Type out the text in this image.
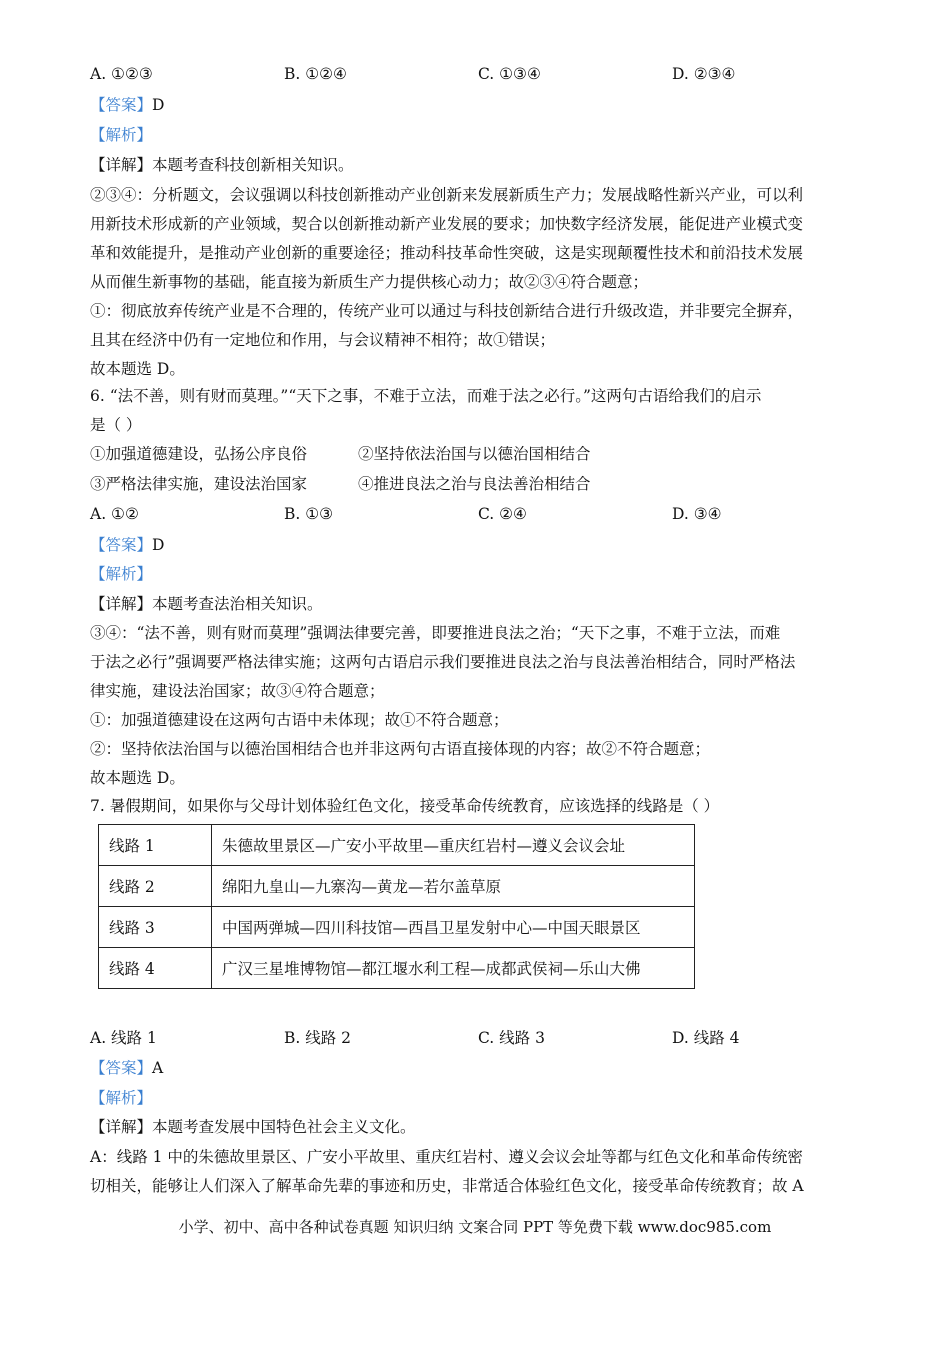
A. ①②③	B. ①②④	C. ①③④	D. ②③④
【答案】D
【解析】
【详解】本题考查科技创新相关知识。
②③④：分析题文，会议强调以科技创新推动产业创新来发展新质生产力；发展战略性新兴产业，可以利
用新技术形成新的产业领域，契合以创新推动新产业发展的要求；加快数字经济发展，能促进产业模式变
革和效能提升，是推动产业创新的重要途径；推动科技革命性突破，这是实现颠覆性技术和前沿技术发展
从而催生新事物的基础，能直接为新质生产力提供核心动力；故②③④符合题意；
①：彻底放弃传统产业是不合理的，传统产业可以通过与科技创新结合进行升级改造，并非要完全摒弃，
且其在经济中仍有一定地位和作用，与会议精神不相符；故①错误；
故本题选 D。
6. “法不善，则有财而莫理。”“天下之事，不难于立法，而难于法之必行。”这两句古语给我们的启示
是（ ）
①加强道德建设，弘扬公序良俗	②坚持依法治国与以德治国相结合
③严格法律实施，建设法治国家	④推进良法之治与良法善治相结合
A. ①②	B. ①③	C. ②④	D. ③④
【答案】D
【解析】
【详解】本题考查法治相关知识。
③④：“法不善，则有财而莫理”强调法律要完善，即要推进良法之治；“天下之事，不难于立法，而难
于法之必行”强调要严格法律实施；这两句古语启示我们要推进良法之治与良法善治相结合，同时严格法
律实施，建设法治国家；故③④符合题意；
①：加强道德建设在这两句古语中未体现；故①不符合题意；
②：坚持依法治国与以德治国相结合也并非这两句古语直接体现的内容；故②不符合题意；
故本题选 D。
7. 暑假期间，如果你与父母计划体验红色文化，接受革命传统教育，应该选择的线路是（ ）
线路 1	朱德故里景区—广安小平故里—重庆红岩村—遵义会议会址
线路 2	绵阳九皇山—九寨沟—黄龙—若尔盖草原
线路 3	中国两弹城—四川科技馆—西昌卫星发射中心—中国天眼景区
线路 4	广汉三星堆博物馆—都江堰水利工程—成都武侯祠—乐山大佛
A. 线路 1	B. 线路 2	C. 线路 3	D. 线路 4
【答案】A
【解析】
【详解】本题考查发展中国特色社会主义文化。
A：线路 1 中的朱德故里景区、广安小平故里、重庆红岩村、遵义会议会址等都与红色文化和革命传统密
切相关，能够让人们深入了解革命先辈的事迹和历史，非常适合体验红色文化，接受革命传统教育；故 A
小学、初中、高中各种试卷真题 知识归纳 文案合同 PPT 等免费下载 www.doc985.com
